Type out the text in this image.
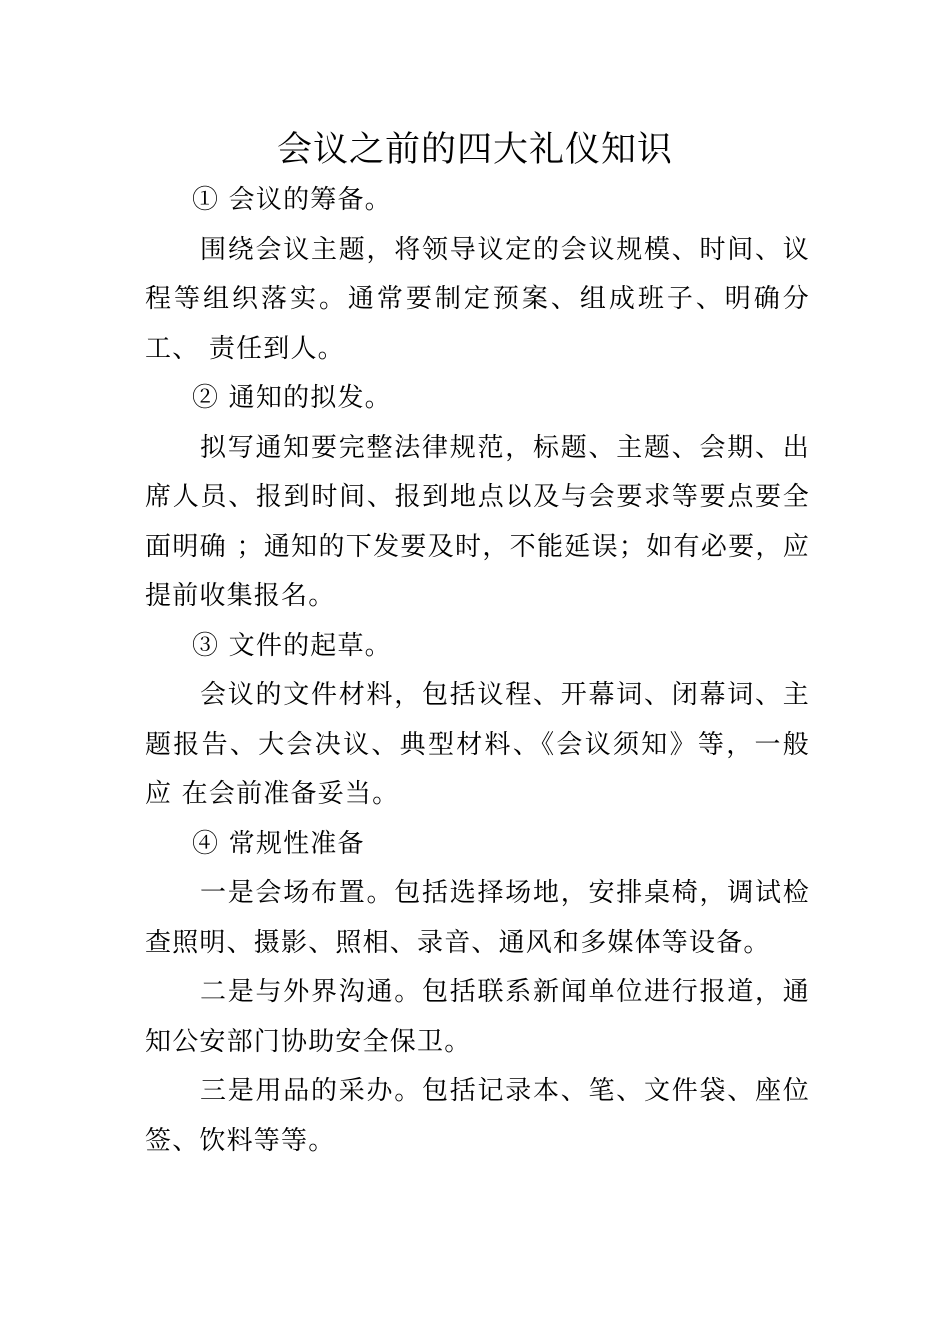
会议之前的四大礼仪知识

① 会议的筹备。

围绕会议主题，将领导议定的会议规模、时间、议程等组织落实。通常要制定预案、组成班子、明确分工、 责任到人。

② 通知的拟发。

拟写通知要完整法律规范，标题、主题、会期、出席人员、报到时间、报到地点以及与会要求等要点要全面明确 ；通知的下发要及时，不能延误；如有必要，应提前收集报名。

③ 文件的起草。

会议的文件材料，包括议程、开幕词、闭幕词、主题报告、大会决议、典型材料、《会议须知》等，一般应 在会前准备妥当。

④ 常规性准备

一是会场布置。包括选择场地，安排桌椅，调试检查照明、摄影、照相、录音、通风和多媒体等设备。

二是与外界沟通。包括联系新闻单位进行报道，通知公安部门协助安全保卫。

三是用品的采办。包括记录本、笔、文件袋、座位签、饮料等等。
